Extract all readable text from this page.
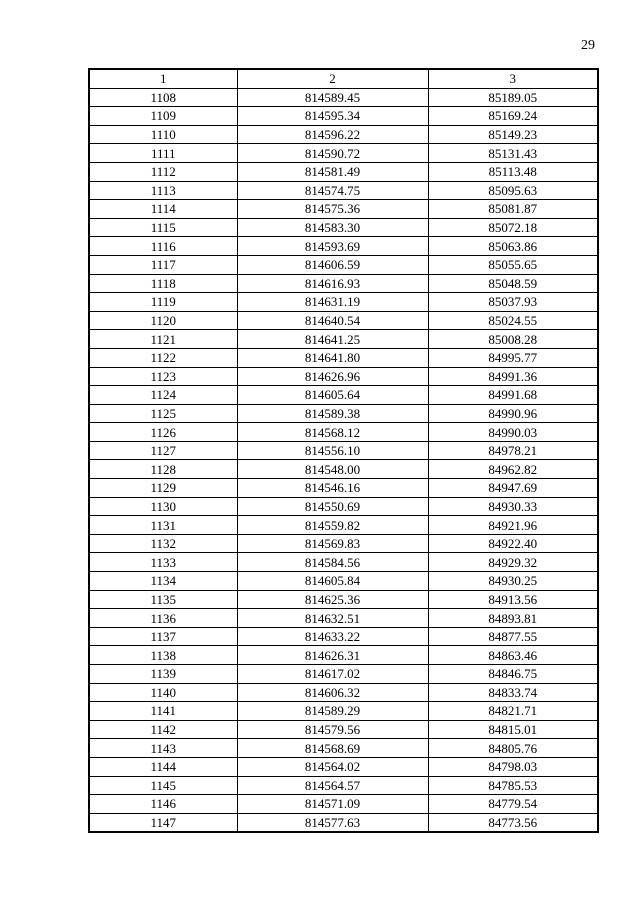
29
1	2	3
1108	814589.45	85189.05
1109	814595.34	85169.24
1110	814596.22	85149.23
1111	814590.72	85131.43
1112	814581.49	85113.48
1113	814574.75	85095.63
1114	814575.36	85081.87
1115	814583.30	85072.18
1116	814593.69	85063.86
1117	814606.59	85055.65
1118	814616.93	85048.59
1119	814631.19	85037.93
1120	814640.54	85024.55
1121	814641.25	85008.28
1122	814641.80	84995.77
1123	814626.96	84991.36
1124	814605.64	84991.68
1125	814589.38	84990.96
1126	814568.12	84990.03
1127	814556.10	84978.21
1128	814548.00	84962.82
1129	814546.16	84947.69
1130	814550.69	84930.33
1131	814559.82	84921.96
1132	814569.83	84922.40
1133	814584.56	84929.32
1134	814605.84	84930.25
1135	814625.36	84913.56
1136	814632.51	84893.81
1137	814633.22	84877.55
1138	814626.31	84863.46
1139	814617.02	84846.75
1140	814606.32	84833.74
1141	814589.29	84821.71
1142	814579.56	84815.01
1143	814568.69	84805.76
1144	814564.02	84798.03
1145	814564.57	84785.53
1146	814571.09	84779.54
1147	814577.63	84773.56
